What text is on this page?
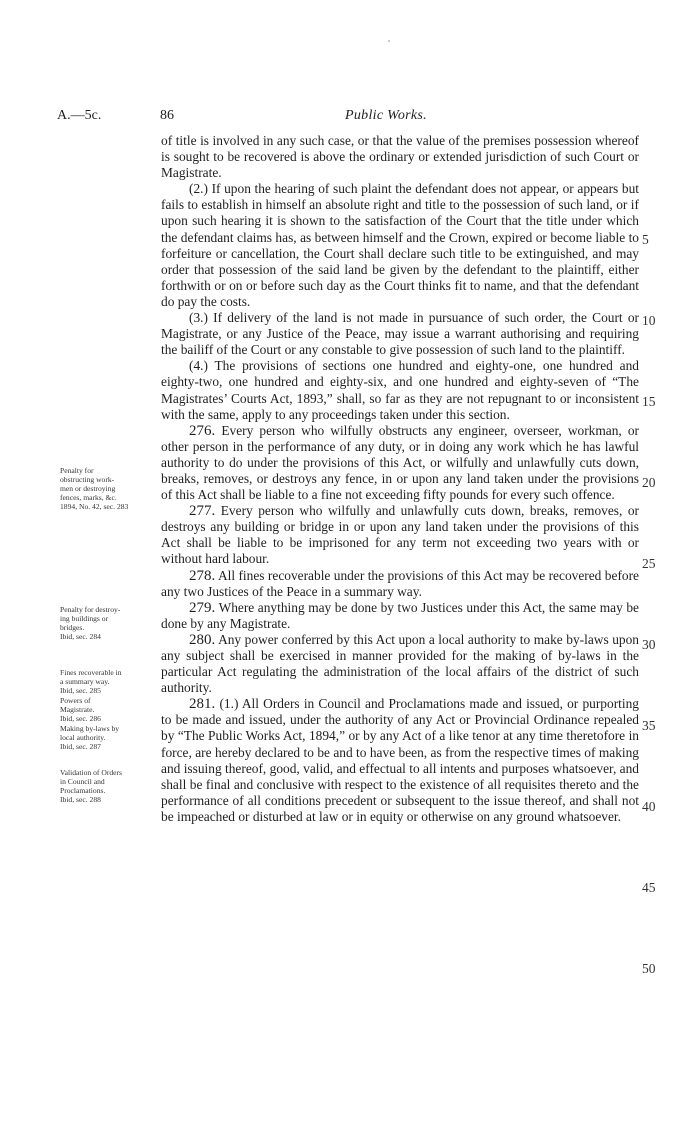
A.—5c.	86	Public Works.

of title is involved in any such case, or that the value of the premises possession whereof is sought to be recovered is above the ordinary or extended jurisdiction of such Court or Magistrate.

(2.) If upon the hearing of such plaint the defendant does not appear, or appears but fails to establish in himself an absolute right and title to the possession of such land, or if upon such hearing it is shown to the satisfaction of the Court that the title under which the defendant claims has, as between himself and the Crown, expired or become liable to forfeiture or cancellation, the Court shall declare such title to be extinguished, and may order that possession of the said land be given by the defendant to the plaintiff, either forthwith or on or before such day as the Court thinks fit to name, and that the defendant do pay the costs.

(3.) If delivery of the land is not made in pursuance of such order, the Court or Magistrate, or any Justice of the Peace, may issue a warrant authorising and requiring the bailiff of the Court or any constable to give possession of such land to the plaintiff.

(4.) The provisions of sections one hundred and eighty-one, one hundred and eighty-two, one hundred and eighty-six, and one hundred and eighty-seven of “The Magistrates’ Courts Act, 1893,” shall, so far as they are not repugnant to or inconsistent with the same, apply to any proceedings taken under this section.

276. Every person who wilfully obstructs any engineer, overseer, workman, or other person in the performance of any duty, or in doing any work which he has lawful authority to do under the provisions of this Act, or wilfully and unlawfully cuts down, breaks, removes, or destroys any fence, in or upon any land taken under the provisions of this Act shall be liable to a fine not exceeding fifty pounds for every such offence.

277. Every person who wilfully and unlawfully cuts down, breaks, removes, or destroys any building or bridge in or upon any land taken under the provisions of this Act shall be liable to be imprisoned for any term not exceeding two years with or without hard labour.

278. All fines recoverable under the provisions of this Act may be recovered before any two Justices of the Peace in a summary way.

279. Where anything may be done by two Justices under this Act, the same may be done by any Magistrate.

280. Any power conferred by this Act upon a local authority to make by-laws upon any subject shall be exercised in manner provided for the making of by-laws in the particular Act regulating the administration of the local affairs of the district of such authority.

281. (1.) All Orders in Council and Proclamations made and issued, or purporting to be made and issued, under the authority of any Act or Provincial Ordinance repealed by “The Public Works Act, 1894,” or by any Act of a like tenor at any time theretofore in force, are hereby declared to be and to have been, as from the respective times of making and issuing thereof, good, valid, and effectual to all intents and purposes whatsoever, and shall be final and conclusive with respect to the existence of all requisites thereto and the performance of all conditions precedent or subsequent to the issue thereof, and shall not be impeached or disturbed at law or in equity or otherwise on any ground whatsoever.

Penalty for
obstructing work-
men or destroying
fences, marks, &c.
1894, No. 42, sec. 283
Penalty for destroy-
ing buildings or
bridges.
Ibid, sec. 284
Fines recoverable in
a summary way.
Ibid, sec. 285
Powers of
Magistrate.
Ibid, sec. 286
Making by-laws by
local authority.
Ibid, sec. 287
Validation of Orders
in Council and
Proclamations.
Ibid, sec. 288
5
10
15
20
25
30
35
40
45
50
